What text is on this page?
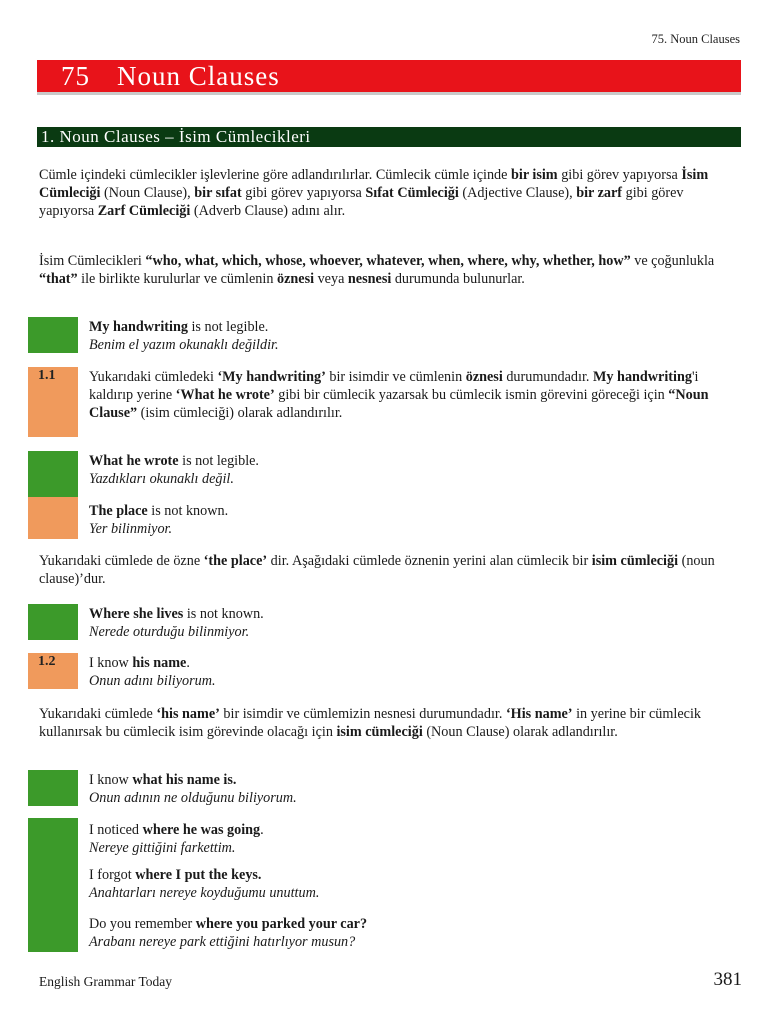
75. Noun Clauses
75	Noun Clauses
1. Noun Clauses – İsim Cümlecikleri

Cümle içindeki cümlecikler işlevlerine göre adlandırılırlar. Cümlecik cümle içinde bir isim gibi görev yapıyorsa İsim Cümleciği (Noun Clause), bir sıfat gibi görev yapıyorsa Sıfat Cümleciği (Adjective Clause), bir zarf gibi görev yapıyorsa Zarf Cümleciği (Adverb Clause) adını alır.

İsim Cümlecikleri “who, what, which, whose, whoever, whatever, when, where, why, whether, how” ve çoğunlukla “that” ile birlikte kurulurlar ve cümlenin öznesi veya nesnesi durumunda bulunurlar.

1.1
1.2

My handwriting is not legible.

Benim el yazım okunaklı değildir.

Yukarıdaki cümledeki ‘My handwriting’ bir isimdir ve cümlenin öznesi durumundadır. My handwriting'i kaldırıp yerine ‘What he wrote’ gibi bir cümlecik yazarsak bu cümlecik ismin görevini göreceği için “Noun Clause” (isim cümleciği) olarak adlandırılır.

What he wrote is not legible.

Yazdıkları okunaklı değil.

The place is not known.

Yer bilinmiyor.

Yukarıdaki cümlede de özne ‘the place’ dir. Aşağıdaki cümlede öznenin yerini alan cümlecik bir isim cümleciği (noun clause)’dur.

Where she lives is not known.

Nerede oturduğu bilinmiyor.

I know his name.

Onun adını biliyorum.

Yukarıdaki cümlede ‘his name’ bir isimdir ve cümlemizin nesnesi durumundadır. ‘His name’ in yerine bir cümlecik kullanırsak bu cümlecik isim görevinde olacağı için isim cümleciği (Noun Clause) olarak adlandırılır.

I know what his name is.

Onun adının ne olduğunu biliyorum.

I noticed where he was going.

Nereye gittiğini farkettim.

I forgot where I put the keys.

Anahtarları nereye koyduğumu unuttum.

Do you remember where you parked your car?

Arabanı nereye park ettiğini hatırlıyor musun?

English Grammar Today	381
